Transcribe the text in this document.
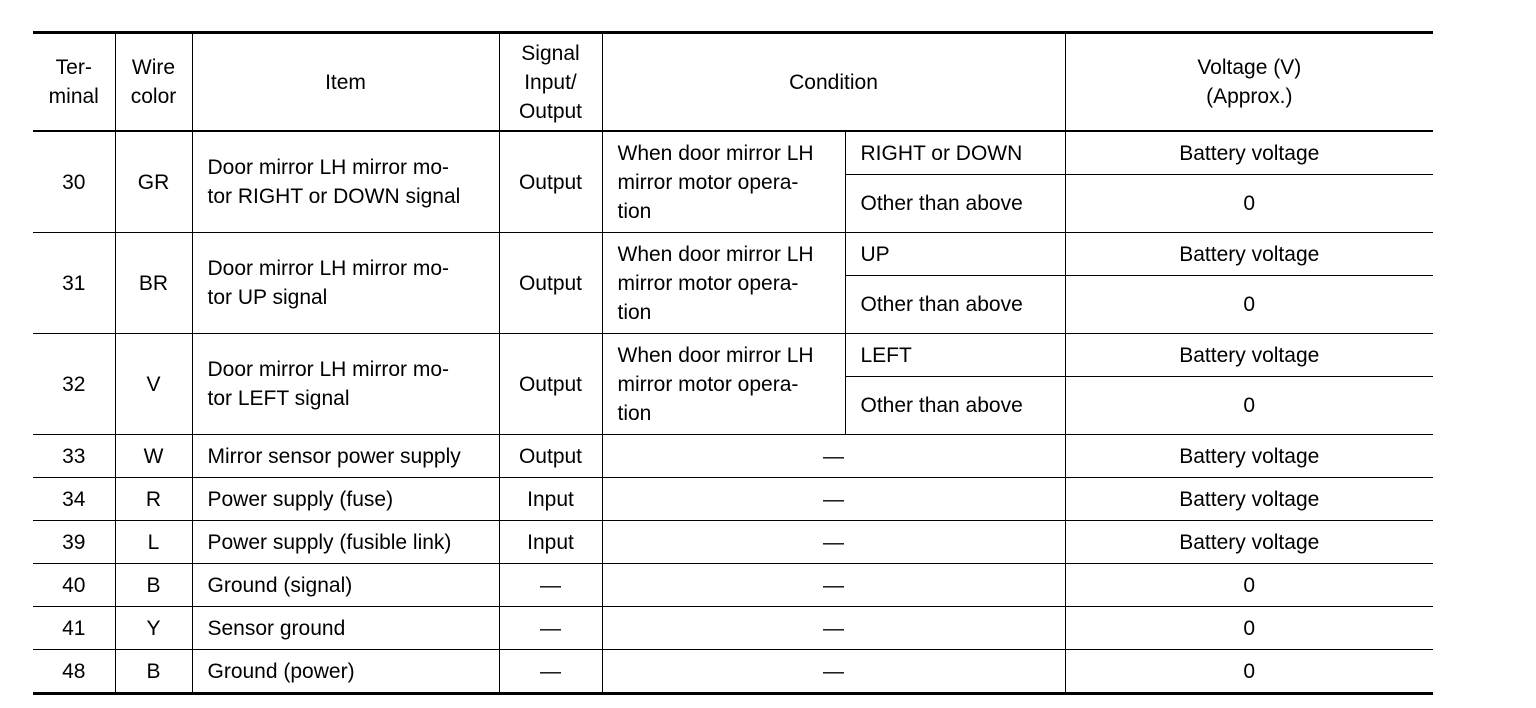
Ter-
minal	Wire
color	Item	Signal
Input/
Output	Condition		Voltage (V)
(Approx.)
30	GR	Door mirror LH mirror mo-
tor RIGHT or DOWN signal	Output	When door mirror LH
mirror motor opera-
tion	RIGHT or DOWN	Battery voltage
					Other than above	0
31	BR	Door mirror LH mirror mo-
tor UP signal	Output	When door mirror LH
mirror motor opera-
tion	UP	Battery voltage
					Other than above	0
32	V	Door mirror LH mirror mo-
tor LEFT signal	Output	When door mirror LH
mirror motor opera-
tion	LEFT	Battery voltage
					Other than above	0
33	W	Mirror sensor power supply	Output	—		Battery voltage
34	R	Power supply (fuse)	Input	—		Battery voltage
39	L	Power supply (fusible link)	Input	—		Battery voltage
40	B	Ground (signal)	—	—		0
41	Y	Sensor ground	—	—		0
48	B	Ground (power)	—	—		0
